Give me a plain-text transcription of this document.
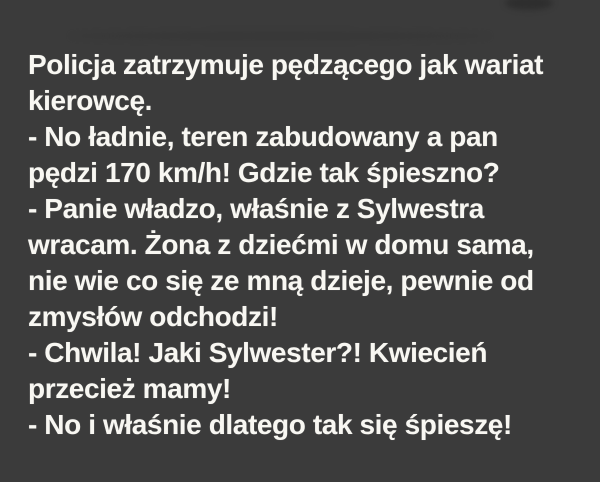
Policja zatrzymuje pędzącego jak wariat
kierowcę.
- No ładnie, teren zabudowany a pan
pędzi 170 km/h! Gdzie tak śpieszno?
- Panie władzo, właśnie z Sylwestra
wracam. Żona z dziećmi w domu sama,
nie wie co się ze mną dzieje, pewnie od
zmysłów odchodzi!
- Chwila! Jaki Sylwester?! Kwiecień
przecież mamy!
- No i właśnie dlatego tak się śpieszę!
